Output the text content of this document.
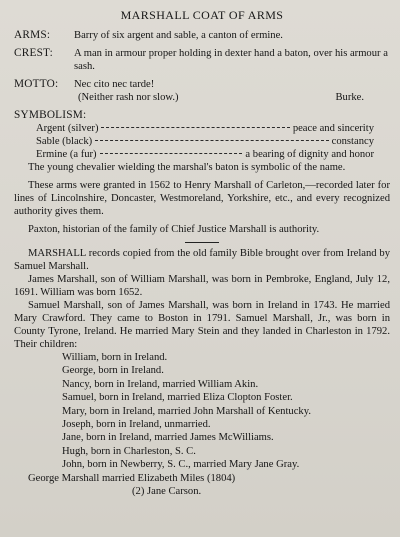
MARSHALL COAT OF ARMS
ARMS:	Barry of six argent and sable, a canton of ermine.
CREST:	A man in armour proper holding in dexter hand a baton, over his armour a sash.
MOTTO:	Nec cito nec tarde!
(Neither rash nor slow.)	Burke.
SYMBOLISM:
Argent (silver)	peace and sincerity
Sable (black)	constancy
Ermine (a fur)	a bearing of dignity and honor

The young chevalier wielding the marshal's baton is symbolic of the name.

These arms were granted in 1562 to Henry Marshall of Carleton,—recorded later for lines of Lincolnshire, Doncaster, Westmoreland, Yorkshire, etc., and every recognized authority gives them.

Paxton, historian of the family of Chief Justice Marshall is authority.

MARSHALL records copied from the old family Bible brought over from Ireland by Samuel Marshall.

James Marshall, son of William Marshall, was born in Pembroke, England, July 12, 1691. William was born 1652.

Samuel Marshall, son of James Marshall, was born in Ireland in 1743. He married Mary Crawford. They came to Boston in 1791. Samuel Marshall, Jr., was born in County Tyrone, Ireland. He married Mary Stein and they landed in Charleston in 1792. Their children:

William, born in Ireland.
George, born in Ireland.
Nancy, born in Ireland, married William Akin.
Samuel, born in Ireland, married Eliza Clopton Foster.
Mary, born in Ireland, married John Marshall of Kentucky.
Joseph, born in Ireland, unmarried.
Jane, born in Ireland, married James McWilliams.
Hugh, born in Charleston, S. C.
John, born in Newberry, S. C., married Mary Jane Gray.
George Marshall married Elizabeth Miles (1804)
(2) Jane Carson.
